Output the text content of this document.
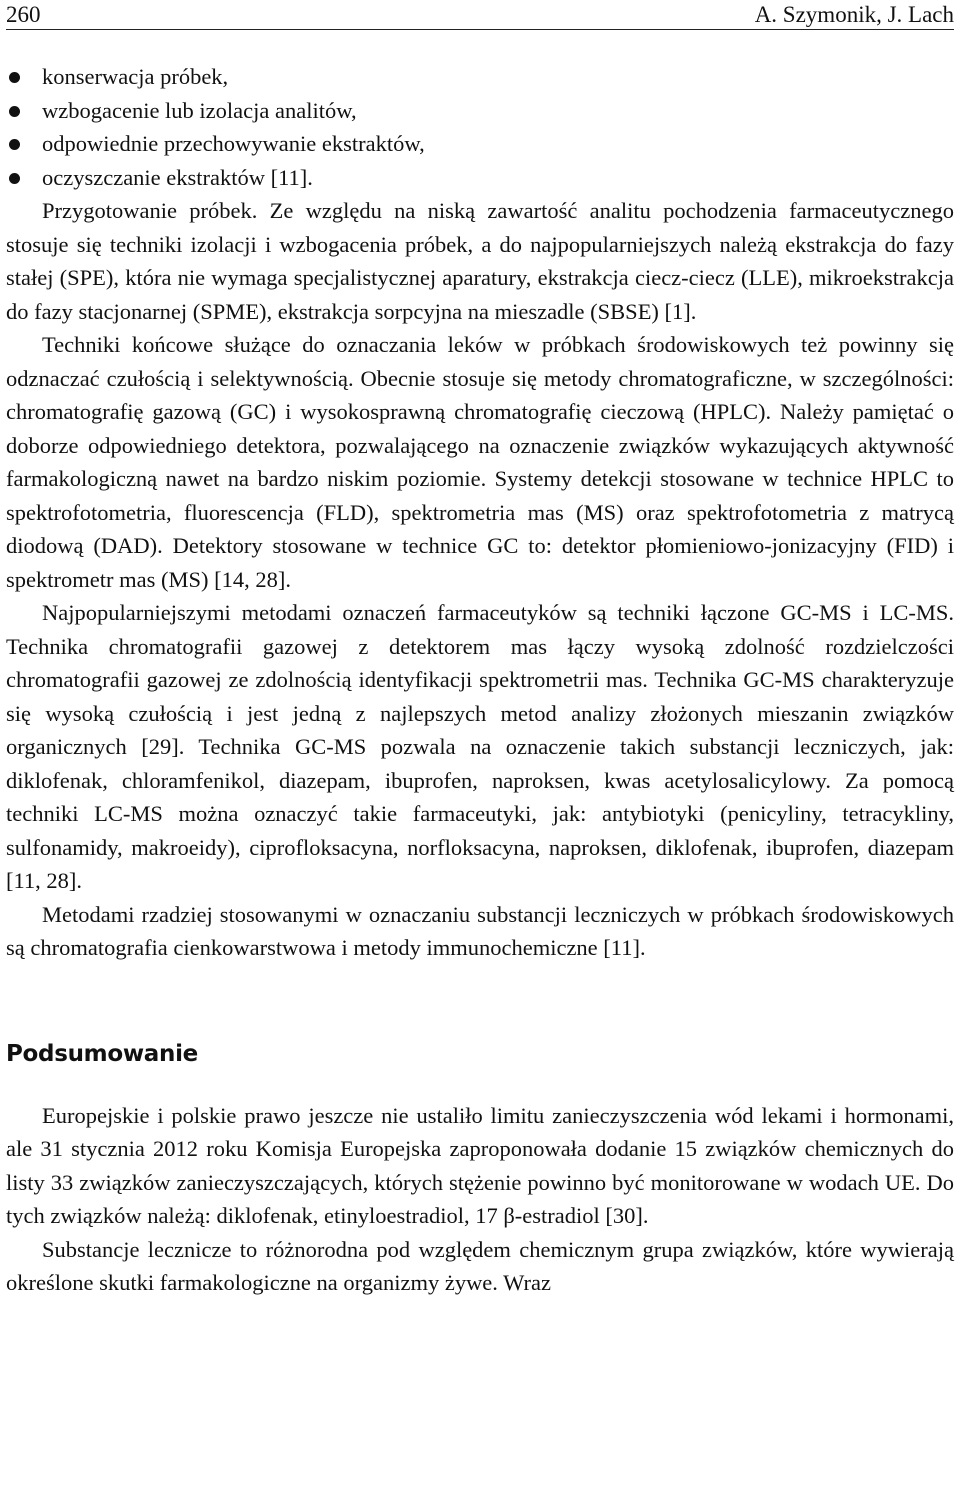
260	A. Szymonik, J. Lach
konserwacja próbek,
wzbogacenie lub izolacja analitów,
odpowiednie przechowywanie ekstraktów,
oczyszczanie ekstraktów [11].

Przygotowanie próbek. Ze względu na niską zawartość analitu pochodzenia farmaceutycznego stosuje się techniki izolacji i wzbogacenia próbek, a do najpopularniejszych należą ekstrakcja do fazy stałej (SPE), która nie wymaga specjalistycznej aparatury, ekstrakcja ciecz-ciecz (LLE), mikroekstrakcja do fazy stacjonarnej (SPME), ekstrakcja sorpcyjna na mieszadle (SBSE) [1].

Techniki końcowe służące do oznaczania leków w próbkach środowiskowych też powinny się odznaczać czułością i selektywnością. Obecnie stosuje się metody chromatograficzne, w szczególności: chromatografię gazową (GC) i wysokosprawną chromatografię cieczową (HPLC). Należy pamiętać o doborze odpowiedniego detektora, pozwalającego na oznaczenie związków wykazujących aktywność farmakologiczną nawet na bardzo niskim poziomie. Systemy detekcji stosowane w technice HPLC to spektrofotometria, fluorescencja (FLD), spektrometria mas (MS) oraz spektrofotometria z matrycą diodową (DAD). Detektory stosowane w technice GC to: detektor płomieniowo-jonizacyjny (FID) i spektrometr mas (MS) [14, 28].

Najpopularniejszymi metodami oznaczeń farmaceutyków są techniki łączone GC-MS i LC-MS. Technika chromatografii gazowej z detektorem mas łączy wysoką zdolność rozdzielczości chromatografii gazowej ze zdolnością identyfikacji spektrometrii mas. Technika GC-MS charakteryzuje się wysoką czułością i jest jedną z najlepszych metod analizy złożonych mieszanin związków organicznych [29]. Technika GC-MS pozwala na oznaczenie takich substancji leczniczych, jak: diklofenak, chloramfenikol, diazepam, ibuprofen, naproksen, kwas acetylosalicylowy. Za pomocą techniki LC-MS można oznaczyć takie farmaceutyki, jak: antybiotyki (penicyliny, tetracykliny, sulfonamidy, makroeidy), ciprofloksacyna, norfloksacyna, naproksen, diklofenak, ibuprofen, diazepam [11, 28].

Metodami rzadziej stosowanymi w oznaczaniu substancji leczniczych w próbkach środowiskowych są chromatografia cienkowarstwowa i metody immunochemiczne [11].

Podsumowanie

Europejskie i polskie prawo jeszcze nie ustaliło limitu zanieczyszczenia wód lekami i hormonami, ale 31 stycznia 2012 roku Komisja Europejska zaproponowała dodanie 15 związków chemicznych do listy 33 związków zanieczyszczających, których stężenie powinno być monitorowane w wodach UE. Do tych związków należą: diklofenak, etinyloestradiol, 17 β-estradiol [30].

Substancje lecznicze to różnorodna pod względem chemicznym grupa związków, które wywierają określone skutki farmakologiczne na organizmy żywe. Wraz
